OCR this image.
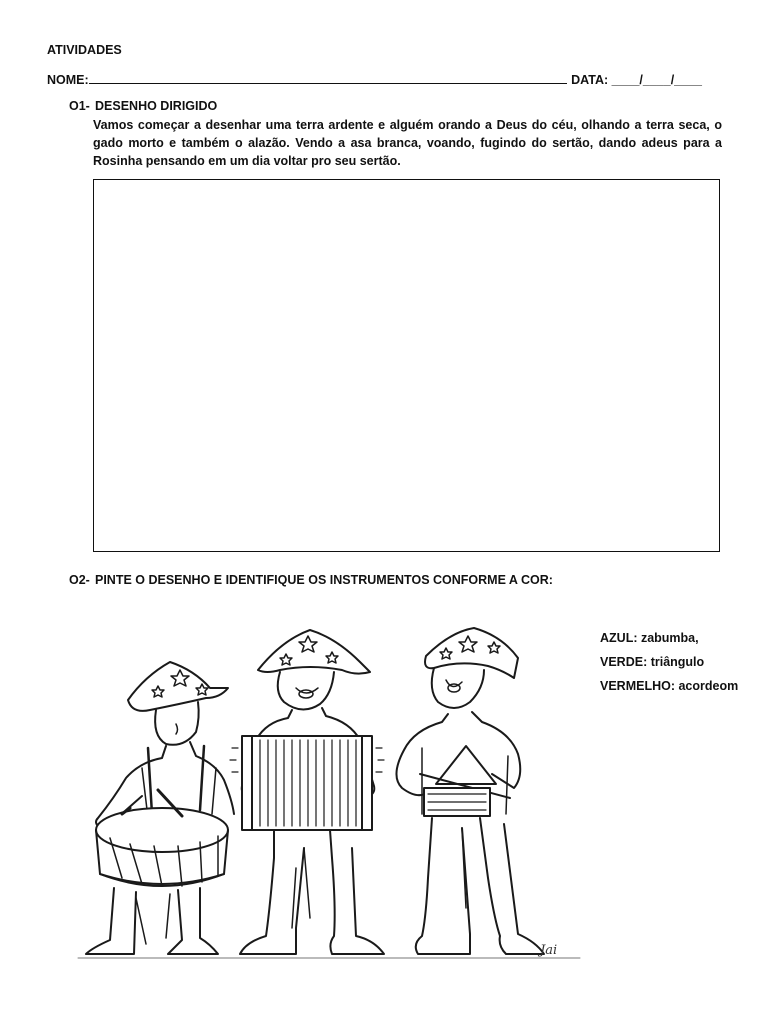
ATIVIDADES
NOME:	DATA: ____/____/____
O1- DESENHO DIRIGIDO
Vamos começar a desenhar uma terra ardente e alguém orando a Deus do céu, olhando a terra seca, o gado morto e também o alazão. Vendo a asa branca, voando, fugindo do sertão, dando adeus para a Rosinha pensando em um dia voltar pro seu sertão.
O2- PINTE O DESENHO E IDENTIFIQUE OS INSTRUMENTOS CONFORME A COR:
AZUL: zabumba,
VERDE: triângulo
VERMELHO: acordeom
Jai
